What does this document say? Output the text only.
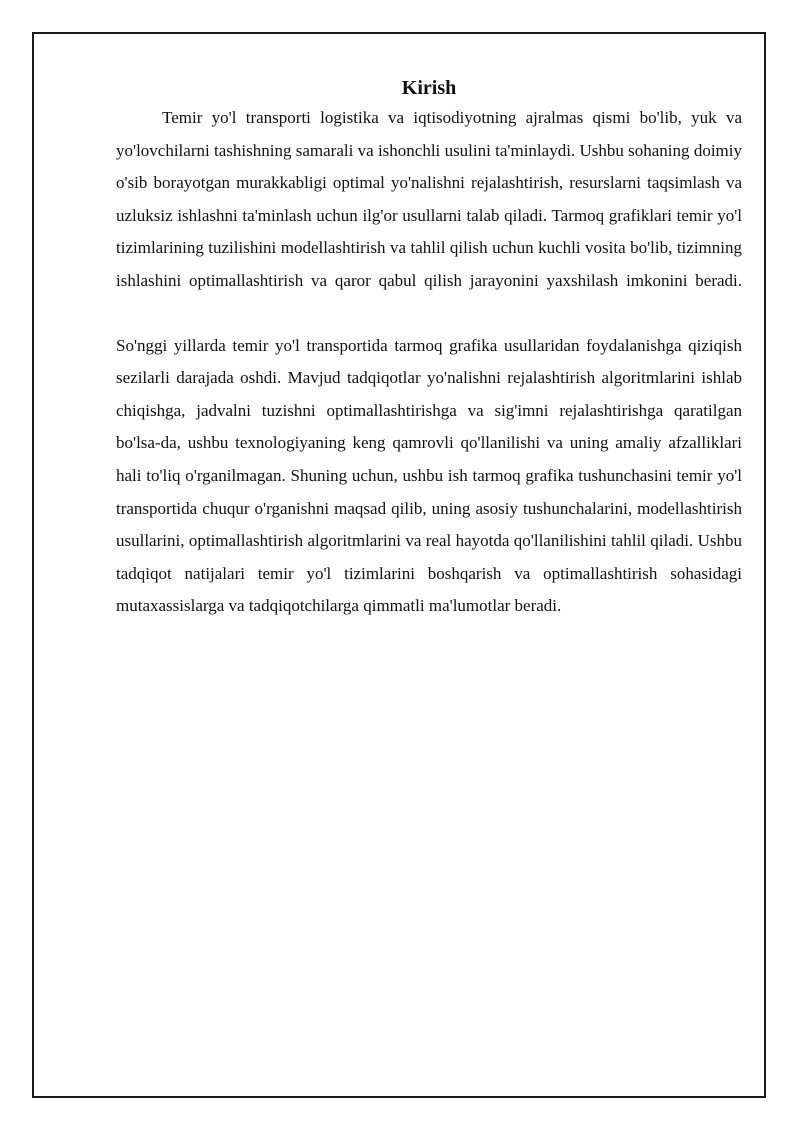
Kirish

Temir yo'l transporti logistika va iqtisodiyotning ajralmas qismi bo'lib, yuk va yo'lovchilarni tashishning samarali va ishonchli usulini ta'minlaydi. Ushbu sohaning doimiy o'sib borayotgan murakkabligi optimal yo'nalishni rejalashtirish, resurslarni taqsimlash va uzluksiz ishlashni ta'minlash uchun ilg'or usullarni talab qiladi. Tarmoq grafiklari temir yo'l tizimlarining tuzilishini modellashtirish va tahlil qilish uchun kuchli vosita bo'lib, tizimning ishlashini optimallashtirish va qaror qabul qilish jarayonini yaxshilash imkonini beradi.

So'nggi yillarda temir yo'l transportida tarmoq grafika usullaridan foydalanishga qiziqish sezilarli darajada oshdi. Mavjud tadqiqotlar yo'nalishni rejalashtirish algoritmlarini ishlab chiqishga, jadvalni tuzishni optimallashtirishga va sig'imni rejalashtirishga qaratilgan bo'lsa-da, ushbu texnologiyaning keng qamrovli qo'llanilishi va uning amaliy afzalliklari hali to'liq o'rganilmagan. Shuning uchun, ushbu ish tarmoq grafika tushunchasini temir yo'l transportida chuqur o'rganishni maqsad qilib, uning asosiy tushunchalarini, modellashtirish usullarini, optimallashtirish algoritmlarini va real hayotda qo'llanilishini tahlil qiladi. Ushbu tadqiqot natijalari temir yo'l tizimlarini boshqarish va optimallashtirish sohasidagi mutaxassislarga va tadqiqotchilarga qimmatli ma'lumotlar beradi.
